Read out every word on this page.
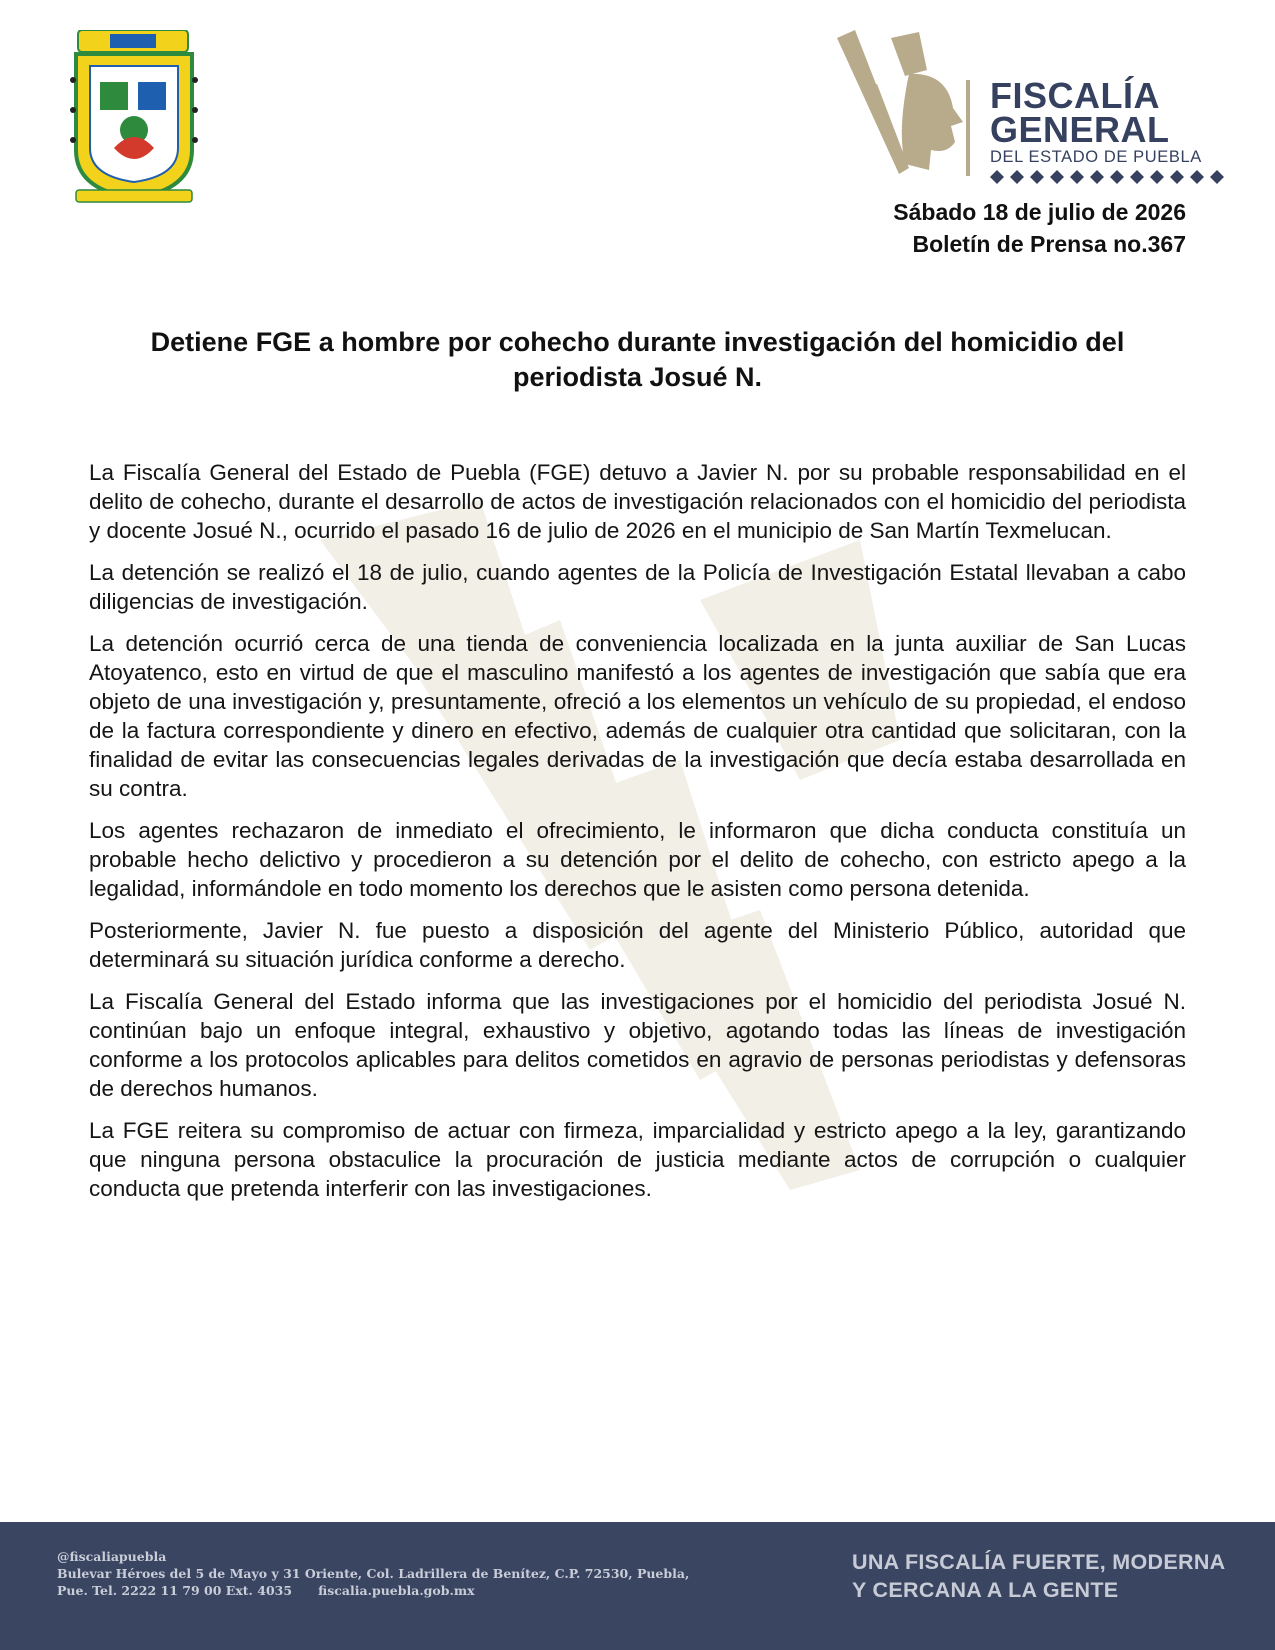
FISCALÍA
GENERAL
DEL ESTADO DE PUEBLA
Sábado 18 de julio de 2026
Boletín de Prensa no.367
Detiene FGE a hombre por cohecho durante investigación del homicidio del
periodista Josué N.

La Fiscalía General del Estado de Puebla (FGE) detuvo a Javier N. por su probable responsabilidad en el delito de cohecho, durante el desarrollo de actos de investigación relacionados con el homicidio del periodista y docente Josué N., ocurrido el pasado 16 de julio de 2026 en el municipio de San Martín Texmelucan.

La detención se realizó el 18 de julio, cuando agentes de la Policía de Investigación Estatal llevaban a cabo diligencias de investigación.

La detención ocurrió cerca de una tienda de conveniencia localizada en la junta auxiliar de San Lucas Atoyatenco, esto en virtud de que el masculino manifestó a los agentes de investigación que sabía que era objeto de una investigación y, presuntamente, ofreció a los elementos un vehículo de su propiedad, el endoso de la factura correspondiente y dinero en efectivo, además de cualquier otra cantidad que solicitaran, con la finalidad de evitar las consecuencias legales derivadas de la investigación que decía estaba desarrollada en su contra.

Los agentes rechazaron de inmediato el ofrecimiento, le informaron que dicha conducta constituía un probable hecho delictivo y procedieron a su detención por el delito de cohecho, con estricto apego a la legalidad, informándole en todo momento los derechos que le asisten como persona detenida.

Posteriormente, Javier N. fue puesto a disposición del agente del Ministerio Público, autoridad que determinará su situación jurídica conforme a derecho.

La Fiscalía General del Estado informa que las investigaciones por el homicidio del periodista Josué N. continúan bajo un enfoque integral, exhaustivo y objetivo, agotando todas las líneas de investigación conforme a los protocolos aplicables para delitos cometidos en agravio de personas periodistas y defensoras de derechos humanos.

La FGE reitera su compromiso de actuar con firmeza, imparcialidad y estricto apego a la ley, garantizando que ninguna persona obstaculice la procuración de justicia mediante actos de corrupción o cualquier conducta que pretenda interferir con las investigaciones.

@fiscaliapuebla
Bulevar Héroes del 5 de Mayo y 31 Oriente, Col. Ladrillera de Benítez, C.P. 72530, Puebla,
Pue. Tel. 2222 11 79 00 Ext. 4035 fiscalia.puebla.gob.mx
UNA FISCALÍA FUERTE, MODERNA
Y CERCANA A LA GENTE
